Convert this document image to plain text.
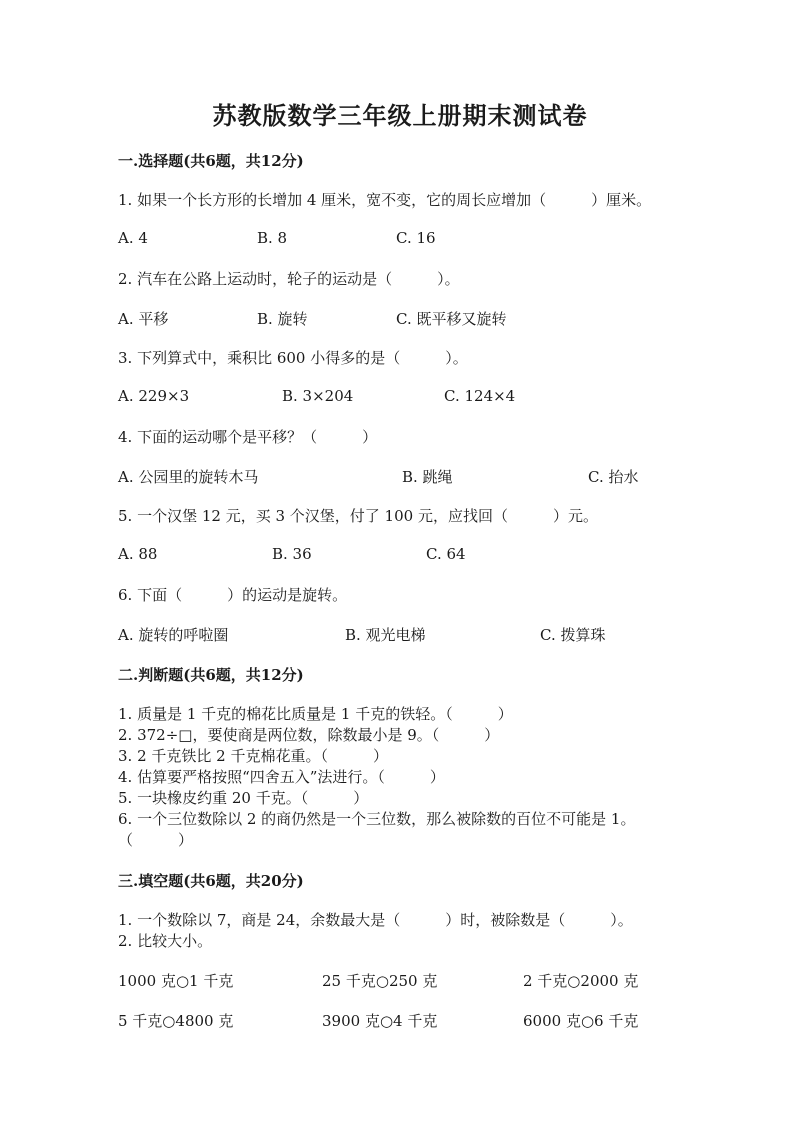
苏教版数学三年级上册期末测试卷
一.选择题(共6题，共12分)
1. 如果一个长方形的长增加 4 厘米，宽不变，它的周长应增加（　　　）厘米。
A. 4	B. 8	C. 16
2. 汽车在公路上运动时，轮子的运动是（　　　）。
A. 平移	B. 旋转	C. 既平移又旋转
3. 下列算式中，乘积比 600 小得多的是（　　　）。
A. 229×3	B. 3×204	C. 124×4
4. 下面的运动哪个是平移？（　　　）
A. 公园里的旋转木马	B. 跳绳	C. 抬水
5. 一个汉堡 12 元，买 3 个汉堡，付了 100 元，应找回（　　　）元。
A. 88	B. 36	C. 64
6. 下面（　　　）的运动是旋转。
A. 旋转的呼啦圈	B. 观光电梯	C. 拨算珠
二.判断题(共6题，共12分)
1. 质量是 1 千克的棉花比质量是 1 千克的铁轻。（　　　）
2. 372÷□，要使商是两位数，除数最小是 9。（　　　）
3. 2 千克铁比 2 千克棉花重。（　　　）
4. 估算要严格按照“四舍五入”法进行。（　　　）
5. 一块橡皮约重 20 千克。（　　　）
6. 一个三位数除以 2 的商仍然是一个三位数，那么被除数的百位不可能是 1。
（　　　）
三.填空题(共6题，共20分)
1. 一个数除以 7，商是 24，余数最大是（　　　）时，被除数是（　　　）。
2. 比较大小。
1000 克○1 千克	25 千克○250 克	2 千克○2000 克
5 千克○4800 克	3900 克○4 千克	6000 克○6 千克
